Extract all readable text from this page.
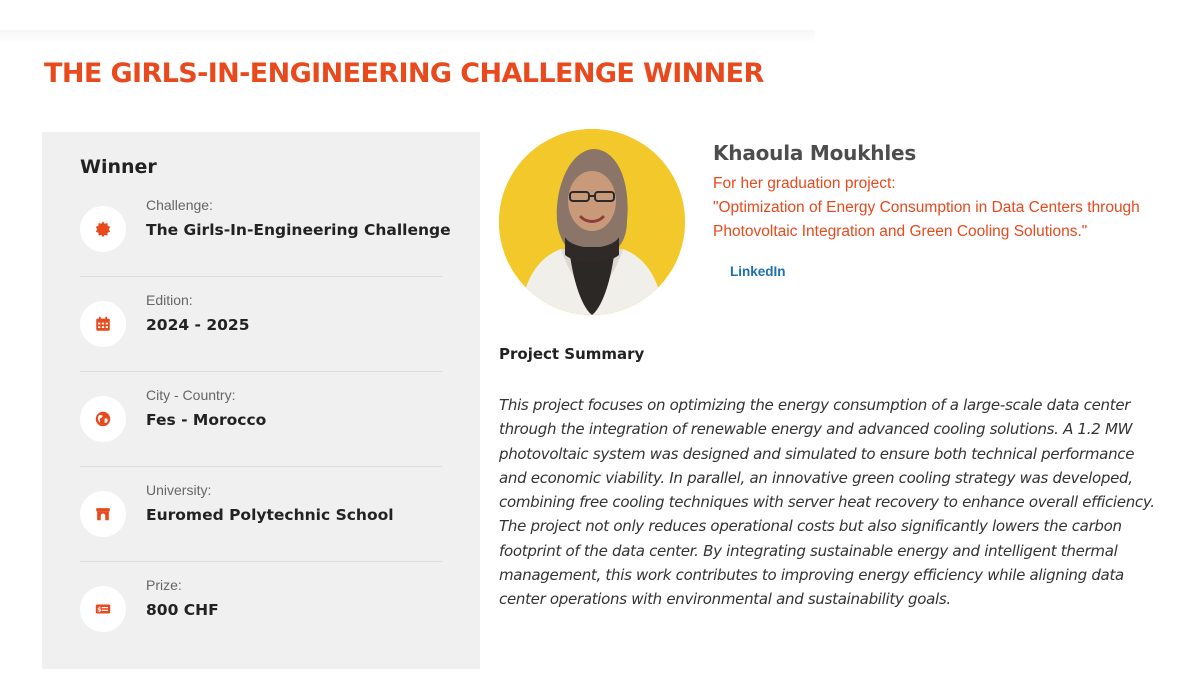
THE GIRLS-IN-ENGINEERING CHALLENGE WINNER
Winner
Challenge:
The Girls-In-Engineering Challenge
Edition:
2024 - 2025
City - Country:
Fes - Morocco
University:
Euromed Polytechnic School
$
Prize:
800 CHF
Khaoula Moukhles
For her graduation project:
"Optimization of Energy Consumption in Data Centers through
Photovoltaic Integration and Green Cooling Solutions."
LinkedIn
Project Summary

This project focuses on optimizing the energy consumption of a large-scale data center through the integration of renewable energy and advanced cooling solutions. A 1.2 MW photovoltaic system was designed and simulated to ensure both technical performance and economic viability. In parallel, an innovative green cooling strategy was developed, combining free cooling techniques with server heat recovery to enhance overall efficiency. The project not only reduces operational costs but also significantly lowers the carbon footprint of the data center. By integrating sustainable energy and intelligent thermal management, this work contributes to improving energy efficiency while aligning data center operations with environmental and sustainability goals.
